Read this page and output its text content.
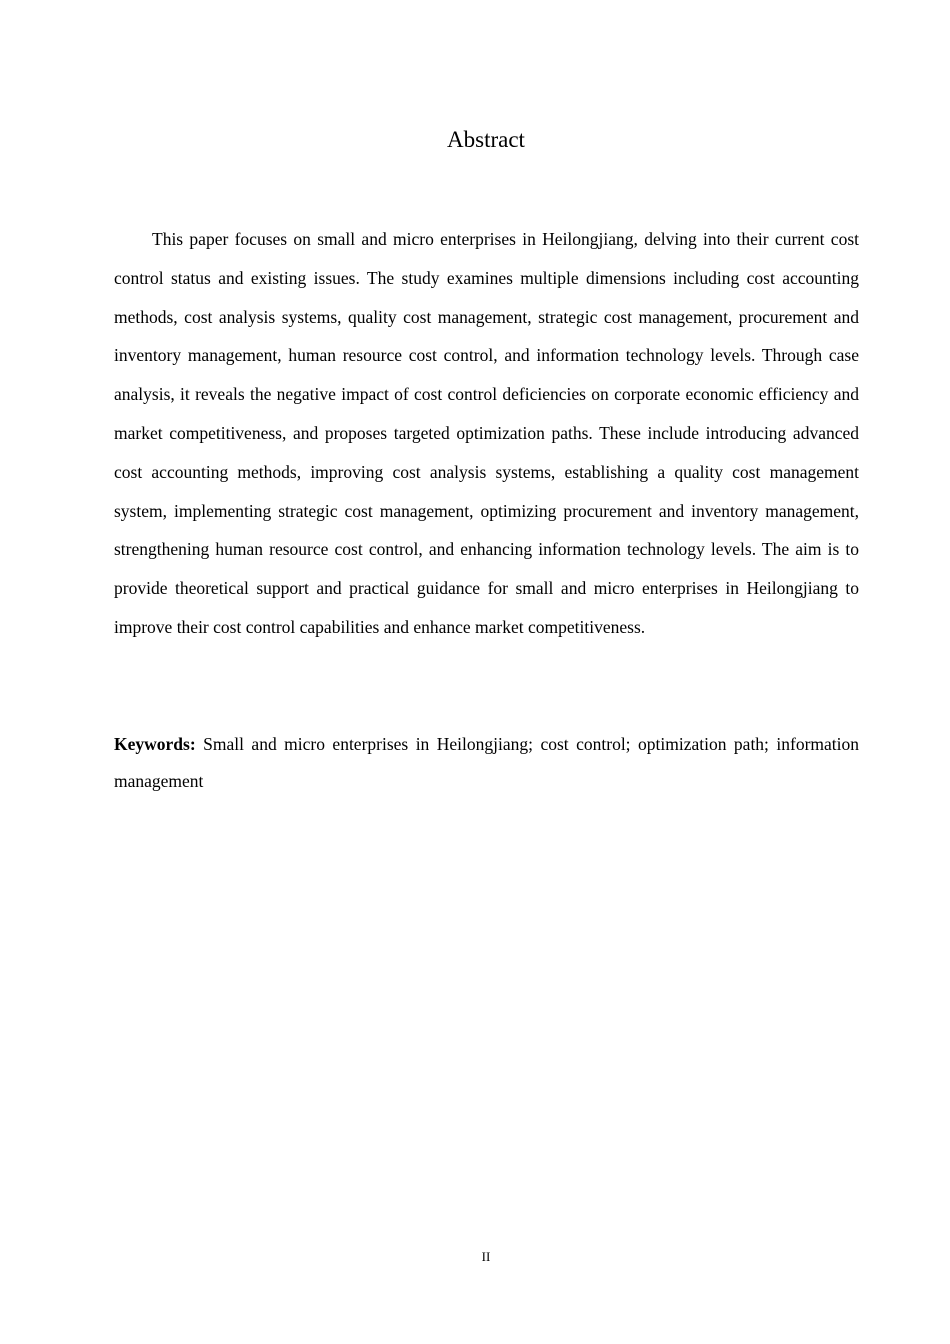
Abstract

This paper focuses on small and micro enterprises in Heilongjiang, delving into their current cost control status and existing issues. The study examines multiple dimensions including cost accounting methods, cost analysis systems, quality cost management, strategic cost management, procurement and inventory management, human resource cost control, and information technology levels. Through case analysis, it reveals the negative impact of cost control deficiencies on corporate economic efficiency and market competitiveness, and proposes targeted optimization paths. These include introducing advanced cost accounting methods, improving cost analysis systems, establishing a quality cost management system, implementing strategic cost management, optimizing procurement and inventory management, strengthening human resource cost control, and enhancing information technology levels. The aim is to provide theoretical support and practical guidance for small and micro enterprises in Heilongjiang to improve their cost control capabilities and enhance market competitiveness.

Keywords: Small and micro enterprises in Heilongjiang; cost control; optimization path; information management

II
